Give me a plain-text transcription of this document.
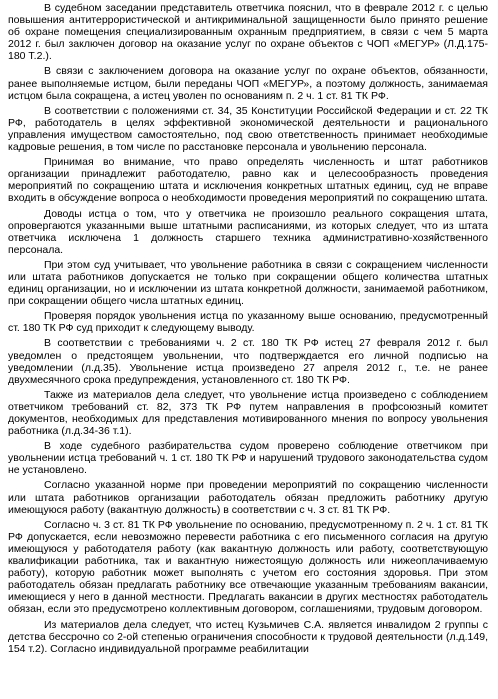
В судебном заседании представитель ответчика пояснил, что в феврале 2012 г. с целью повышения антитеррористической и антикриминальной защищенности было принято решение об охране помещения специализированным охранным предприятием, в связи с чем 5 марта 2012 г. был заключен договор на оказание услуг по охране объектов с ЧОП «МЕГУР» (Л.Д.175-180 Т.2.).

В связи с заключением договора на оказание услуг по охране объектов, обязанности, ранее выполняемые истцом, были переданы ЧОП «МЕГУР», а поэтому должность, занимаемая истцом была сокращена, а истец уволен по основаниям п. 2 ч. 1 ст. 81 ТК РФ.

В соответствии с положениями ст. 34, 35 Конституции Российской Федерации и ст. 22 ТК РФ, работодатель в целях эффективной экономической деятельности и рационального управления имуществом самостоятельно, под свою ответственность принимает необходимые кадровые решения, в том числе по расстановке персонала и увольнению персонала.

Принимая во внимание, что право определять численность и штат работников организации принадлежит работодателю, равно как и целесообразность проведения мероприятий по сокращению штата и исключения конкретных штатных единиц, суд не вправе входить в обсуждение вопроса о необходимости проведения мероприятий по сокращению штата.

Доводы истца о том, что у ответчика не произошло реального сокращения штата, опровергаются указанными выше штатными расписаниями, из которых следует, что из штата ответчика исключена 1 должность старшего техника административно-хозяйственного персонала.

При этом суд учитывает, что увольнение работника в связи с сокращением численности или штата работников допускается не только при сокращении общего количества штатных единиц организации, но и исключении из штата конкретной должности, занимаемой работником, при сокращении общего числа штатных единиц.

Проверяя порядок увольнения истца по указанному выше основанию, предусмотренный ст. 180 ТК РФ суд приходит к следующему выводу.

В соответствии с требованиями ч. 2 ст. 180 ТК РФ истец 27 февраля 2012 г. был уведомлен о предстоящем увольнении, что подтверждается его личной подписью на уведомлении (л.д.35). Увольнение истца произведено 27 апреля 2012 г., т.е. не ранее двухмесячного срока предупреждения, установленного ст. 180 ТК РФ.

Также из материалов дела следует, что увольнение истца произведено с соблюдением ответчиком требований ст. 82, 373 ТК РФ путем направления в профсоюзный комитет документов, необходимых для представления мотивированного мнения по вопросу увольнения работника (л.д.34-36 т.1).

В ходе судебного разбирательства судом проверено соблюдение ответчиком при увольнении истца требований ч. 1 ст. 180 ТК РФ и нарушений трудового законодательства судом не установлено.

Согласно указанной норме при проведении мероприятий по сокращению численности или штата работников организации работодатель обязан предложить работнику другую имеющуюся работу (вакантную должность) в соответствии с ч. 3 ст. 81 ТК РФ.

Согласно ч. 3 ст. 81 ТК РФ увольнение по основанию, предусмотренному п. 2 ч. 1 ст. 81 ТК РФ допускается, если невозможно перевести работника с его письменного согласия на другую имеющуюся у работодателя работу (как вакантную должность или работу, соответствующую квалификации работника, так и вакантную нижестоящую должность или нижеоплачиваемую работу), которую работник может выполнять с учетом его состояния здоровья. При этом работодатель обязан предлагать работнику все отвечающие указанным требованиям вакансии, имеющиеся у него в данной местности. Предлагать вакансии в других местностях работодатель обязан, если это предусмотрено коллективным договором, соглашениями, трудовым договором.

Из материалов дела следует, что истец Кузьмичев С.А. является инвалидом 2 группы с детства бессрочно со 2-ой степенью ограничения способности к трудовой деятельности (л.д.149, 154 т.2). Согласно индивидуальной программе реабилитации
